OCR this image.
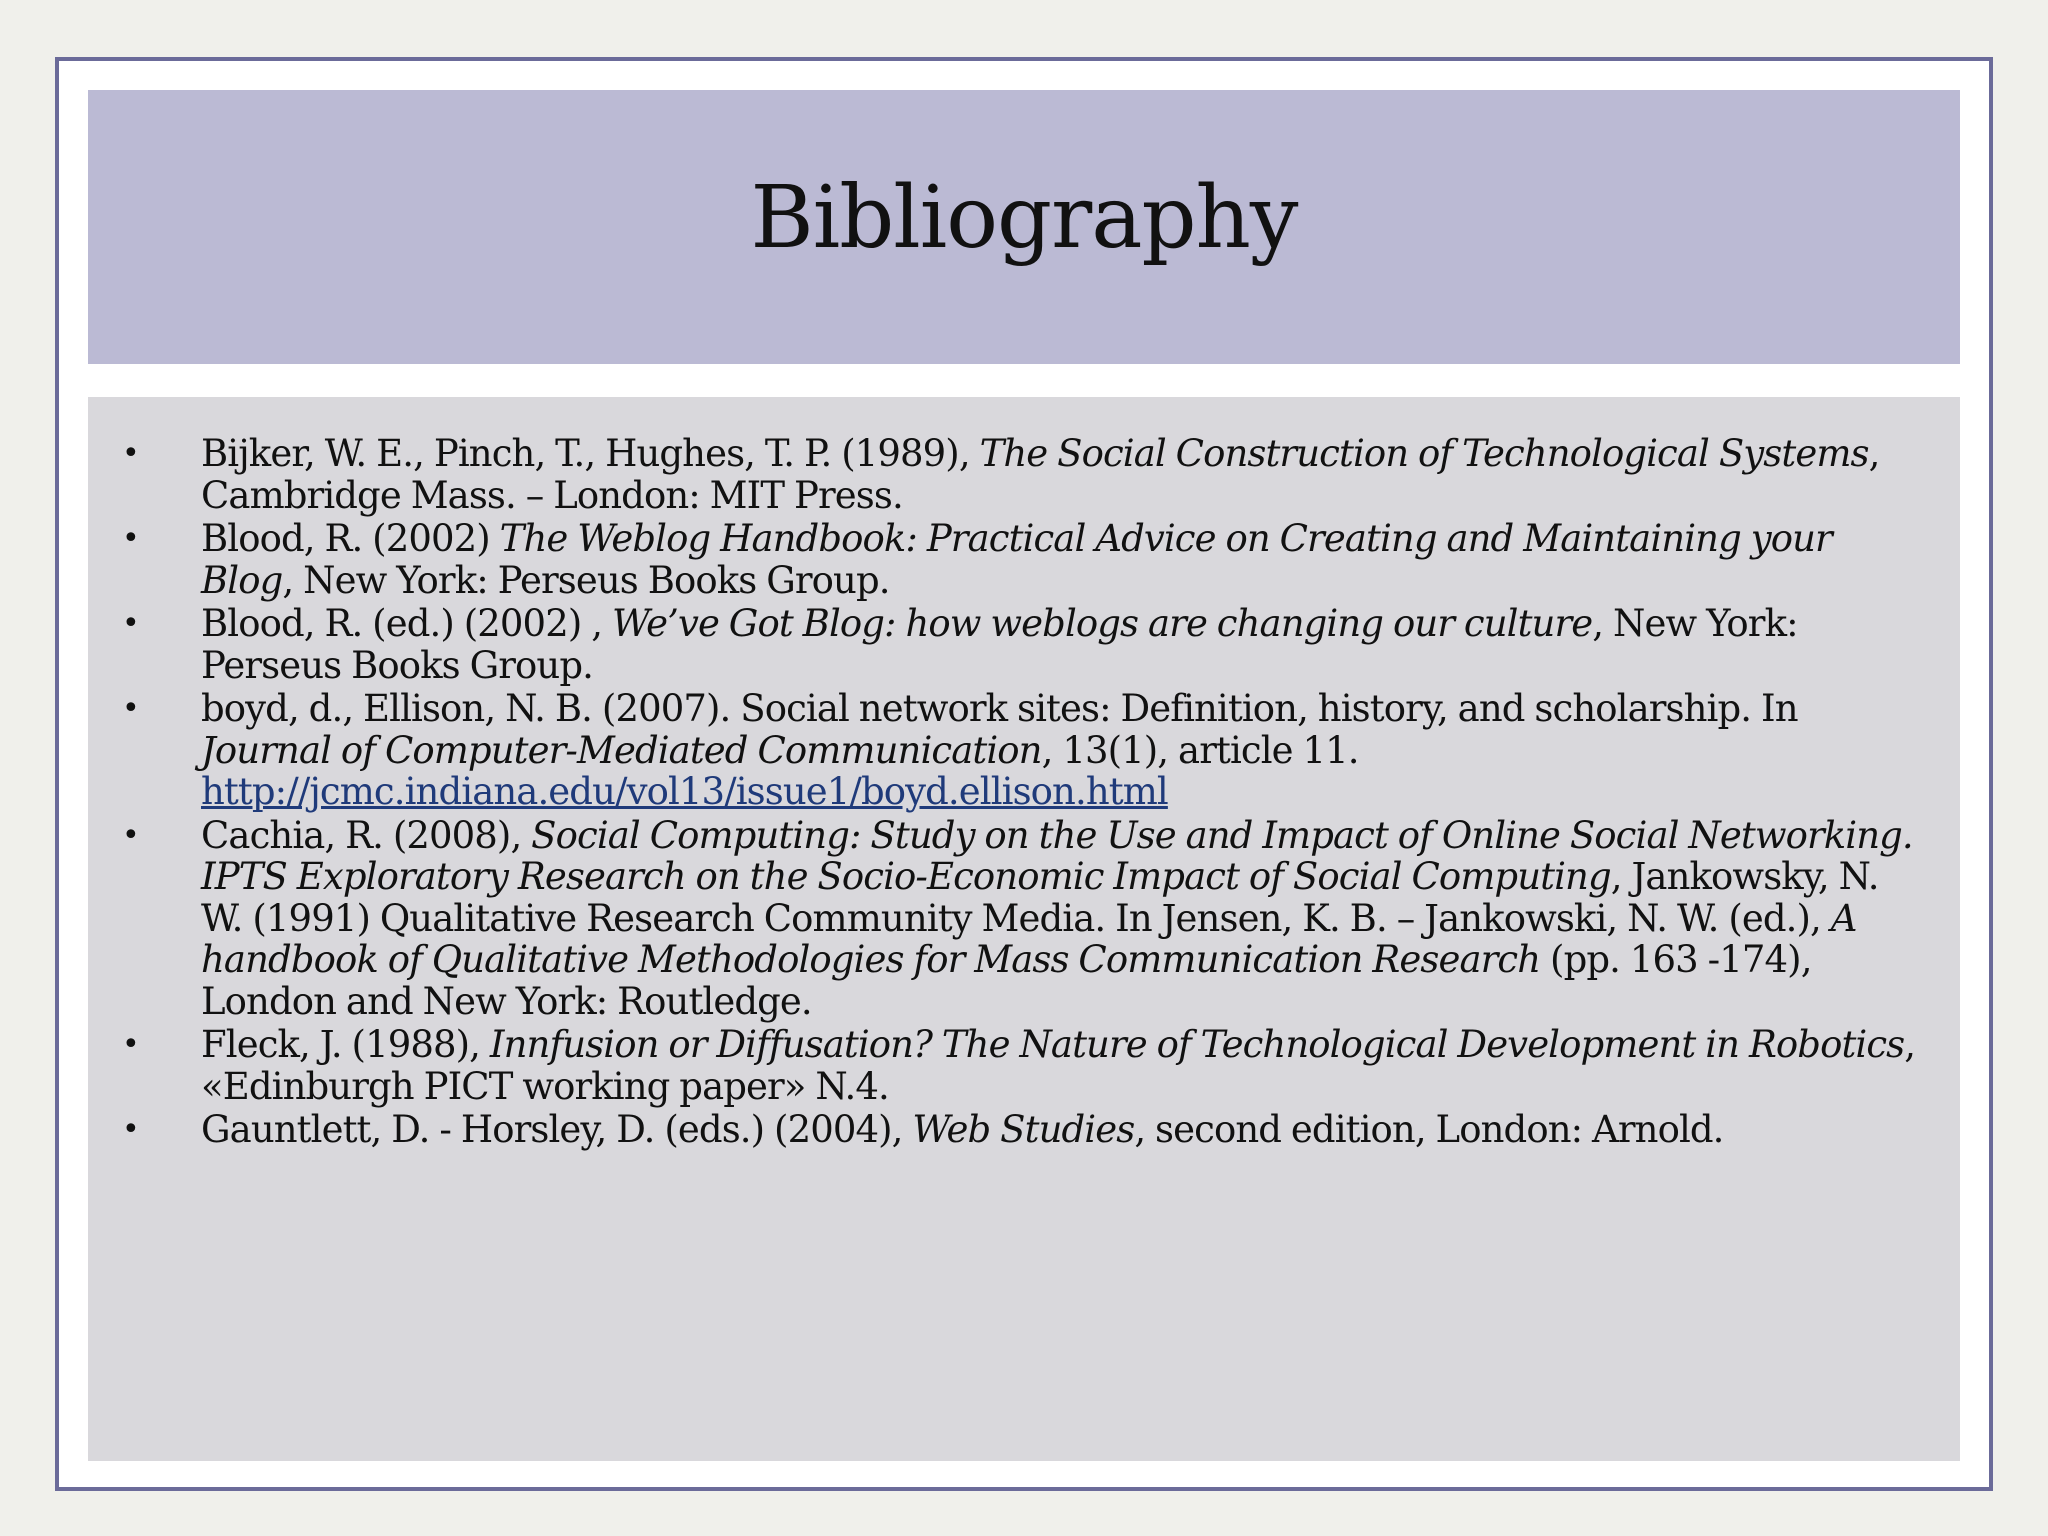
Bibliography
• Bijker, W. E., Pinch, T., Hughes, T. P. (1989), The Social Construction of Technological Systems, Cambridge Mass. – London: MIT Press.
• Blood, R. (2002) The Weblog Handbook: Practical Advice on Creating and Maintaining your Blog, New York: Perseus Books Group.
• Blood, R. (ed.) (2002) , We’ve Got Blog: how weblogs are changing our culture, New York: Perseus Books Group.
• boyd, d., Ellison, N. B. (2007). Social network sites: Definition, history, and scholarship. In Journal of Computer-Mediated Communication, 13(1), article 11. http://jcmc.indiana.edu/vol13/issue1/boyd.ellison.html
• Cachia, R. (2008), Social Computing: Study on the Use and Impact of Online Social Networking. IPTS Exploratory Research on the Socio-Economic Impact of Social Computing, Jankowsky, N. W. (1991) Qualitative Research Community Media. In Jensen, K. B. – Jankowski, N. W. (ed.), A handbook of Qualitative Methodologies for Mass Communication Research (pp. 163 -174), London and New York: Routledge.
• Fleck, J. (1988), Innfusion or Diffusation? The Nature of Technological Development in Robotics, «Edinburgh PICT working paper» N.4.
• Gauntlett, D. - Horsley, D. (eds.) (2004), Web Studies, second edition, London: Arnold.
